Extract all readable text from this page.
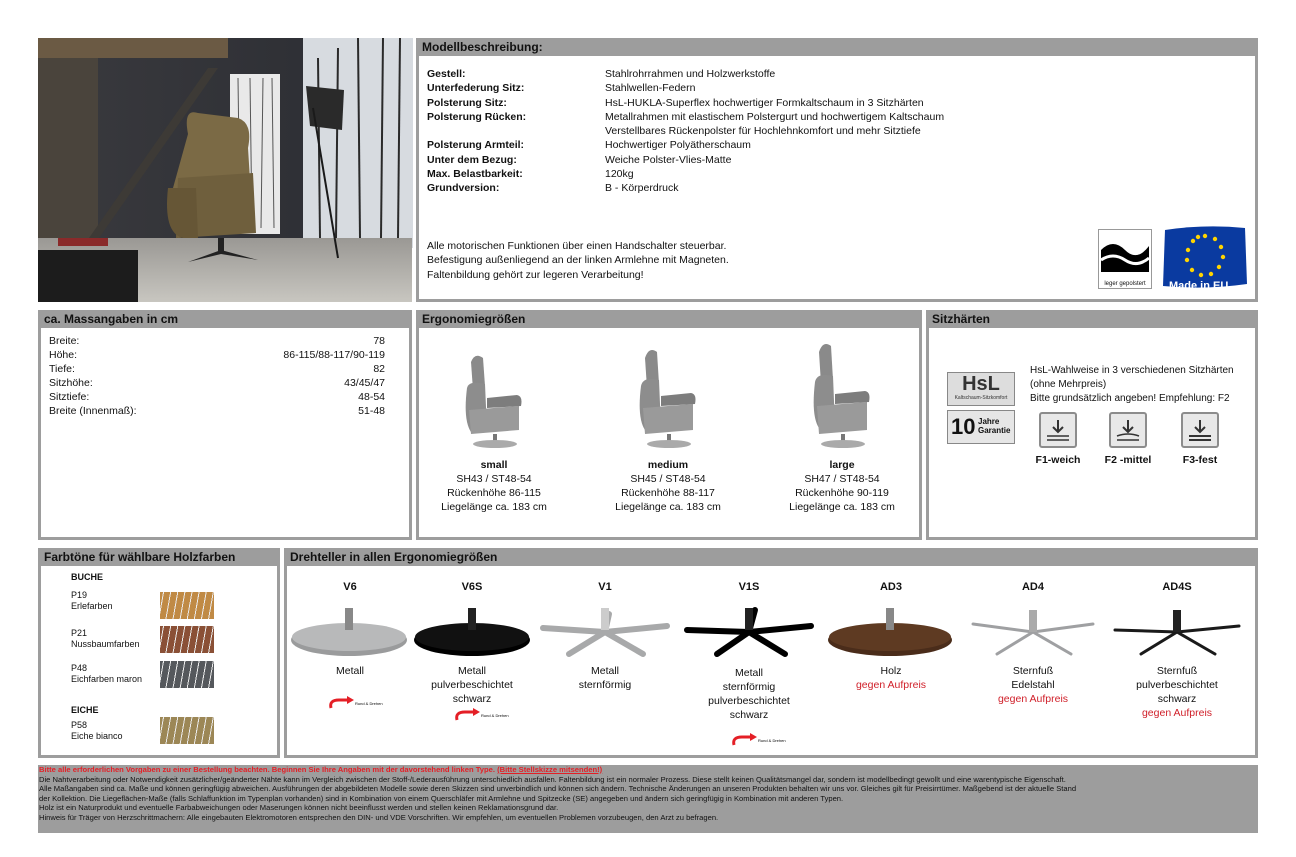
Modellbeschreibung:
Gestell:	Stahlrohrrahmen und Holzwerkstoffe
Unterfederung Sitz:	Stahlwellen-Federn
Polsterung Sitz:	HsL-HUKLA-Superflex hochwertiger Formkaltschaum in 3 Sitzhärten
Polsterung Rücken:	Metallrahmen mit elastischem Polstergurt und hochwertigem Kaltschaum
Verstellbares Rückenpolster für Hochlehnkomfort und mehr Sitztiefe
Polsterung Armteil:	Hochwertiger Polyätherschaum
Unter dem Bezug:	Weiche Polster-Vlies-Matte
Max. Belastbarkeit:	120kg
Grundversion:	B - Körperdruck
Alle motorischen Funktionen über einen Handschalter steuerbar.
Befestigung außenliegend an der linken Armlehne mit Magneten.
Faltenbildung gehört zur legeren Verarbeitung!
leger gepolstert	Made in EU
ca. Massangaben in cm
Breite:	78
Höhe:	86-115/88-117/90-119
Tiefe:	82
Sitzhöhe:	43/45/47
Sitztiefe:	48-54
Breite (Innenmaß):	51-48
Ergonomiegrößen
small
SH43 / ST48-54
Rückenhöhe 86-115
Liegelänge ca. 183 cm
medium
SH45 / ST48-54
Rückenhöhe 88-117
Liegelänge ca. 183 cm
large
SH47 / ST48-54
Rückenhöhe 90-119
Liegelänge ca. 183 cm
Sitzhärten
HsL
Kaltschaum-Sitzkomfort
10 Jahre Garantie
HsL-Wahlweise in 3 verschiedenen Sitzhärten
(ohne Mehrpreis)
Bitte grundsätzlich angeben! Empfehlung: F2
F1-weich	F2 -mittel	F3-fest
Farbtöne für wählbare Holzfarben
BUCHE
P19
Erlefarben
P21
Nussbaumfarben
P48
Eichfarben maron
EICHE
P58
Eiche bianco
Drehteller in allen Ergonomiegrößen
V6
Metall
V6S
Metall
pulverbeschichtet
schwarz
V1
Metall
sternförmig
V1S
Metall
sternförmig
pulverbeschichtet
schwarz
AD3
Holz
gegen Aufpreis
AD4
Sternfuß
Edelstahl
gegen Aufpreis
AD4S
Sternfuß
pulverbeschichtet
schwarz
gegen Aufpreis
Rund & Drehen
Rund & Drehen
Rund & Drehen
Bitte alle erforderlichen Vorgaben zu einer Bestellung beachten. Beginnen Sie Ihre Angaben mit der davorstehend linken Type. (Bitte Stellskizze mitsenden!)
Die Nahtverarbeitung oder Notwendigkeit zusätzlicher/geänderter Nähte kann im Vergleich zwischen der Stoff-/Lederausführung unterschiedlich ausfallen. Faltenbildung ist ein normaler Prozess. Diese stellt keinen Qualitätsmangel dar, sondern ist modellbedingt gewollt und eine warentypische Eigenschaft.
Alle Maßangaben sind ca. Maße und können geringfügig abweichen. Ausführungen der abgebildeten Modelle sowie deren Skizzen sind unverbindlich und können sich ändern. Technische Änderungen an unseren Produkten behalten wir uns vor. Gleiches gilt für Preisirrtümer. Maßgebend ist der aktuelle Stand
der Kollektion. Die Liegeflächen-Maße (falls Schlaffunktion im Typenplan vorhanden) sind in Kombination von einem Querschläfer mit Armlehne und Spitzecke (SE) angegeben und ändern sich geringfügig in Kombination mit anderen Typen.
Holz ist ein Naturprodukt und eventuelle Farbabweichungen oder Maserungen können nicht beeinflusst werden und stellen keinen Reklamationsgrund dar.
Hinweis für Träger von Herzschrittmachern: Alle eingebauten Elektromotoren entsprechen den DIN- und VDE Vorschriften. Wir empfehlen, um eventuellen Problemen vorzubeugen, den Arzt zu befragen.
